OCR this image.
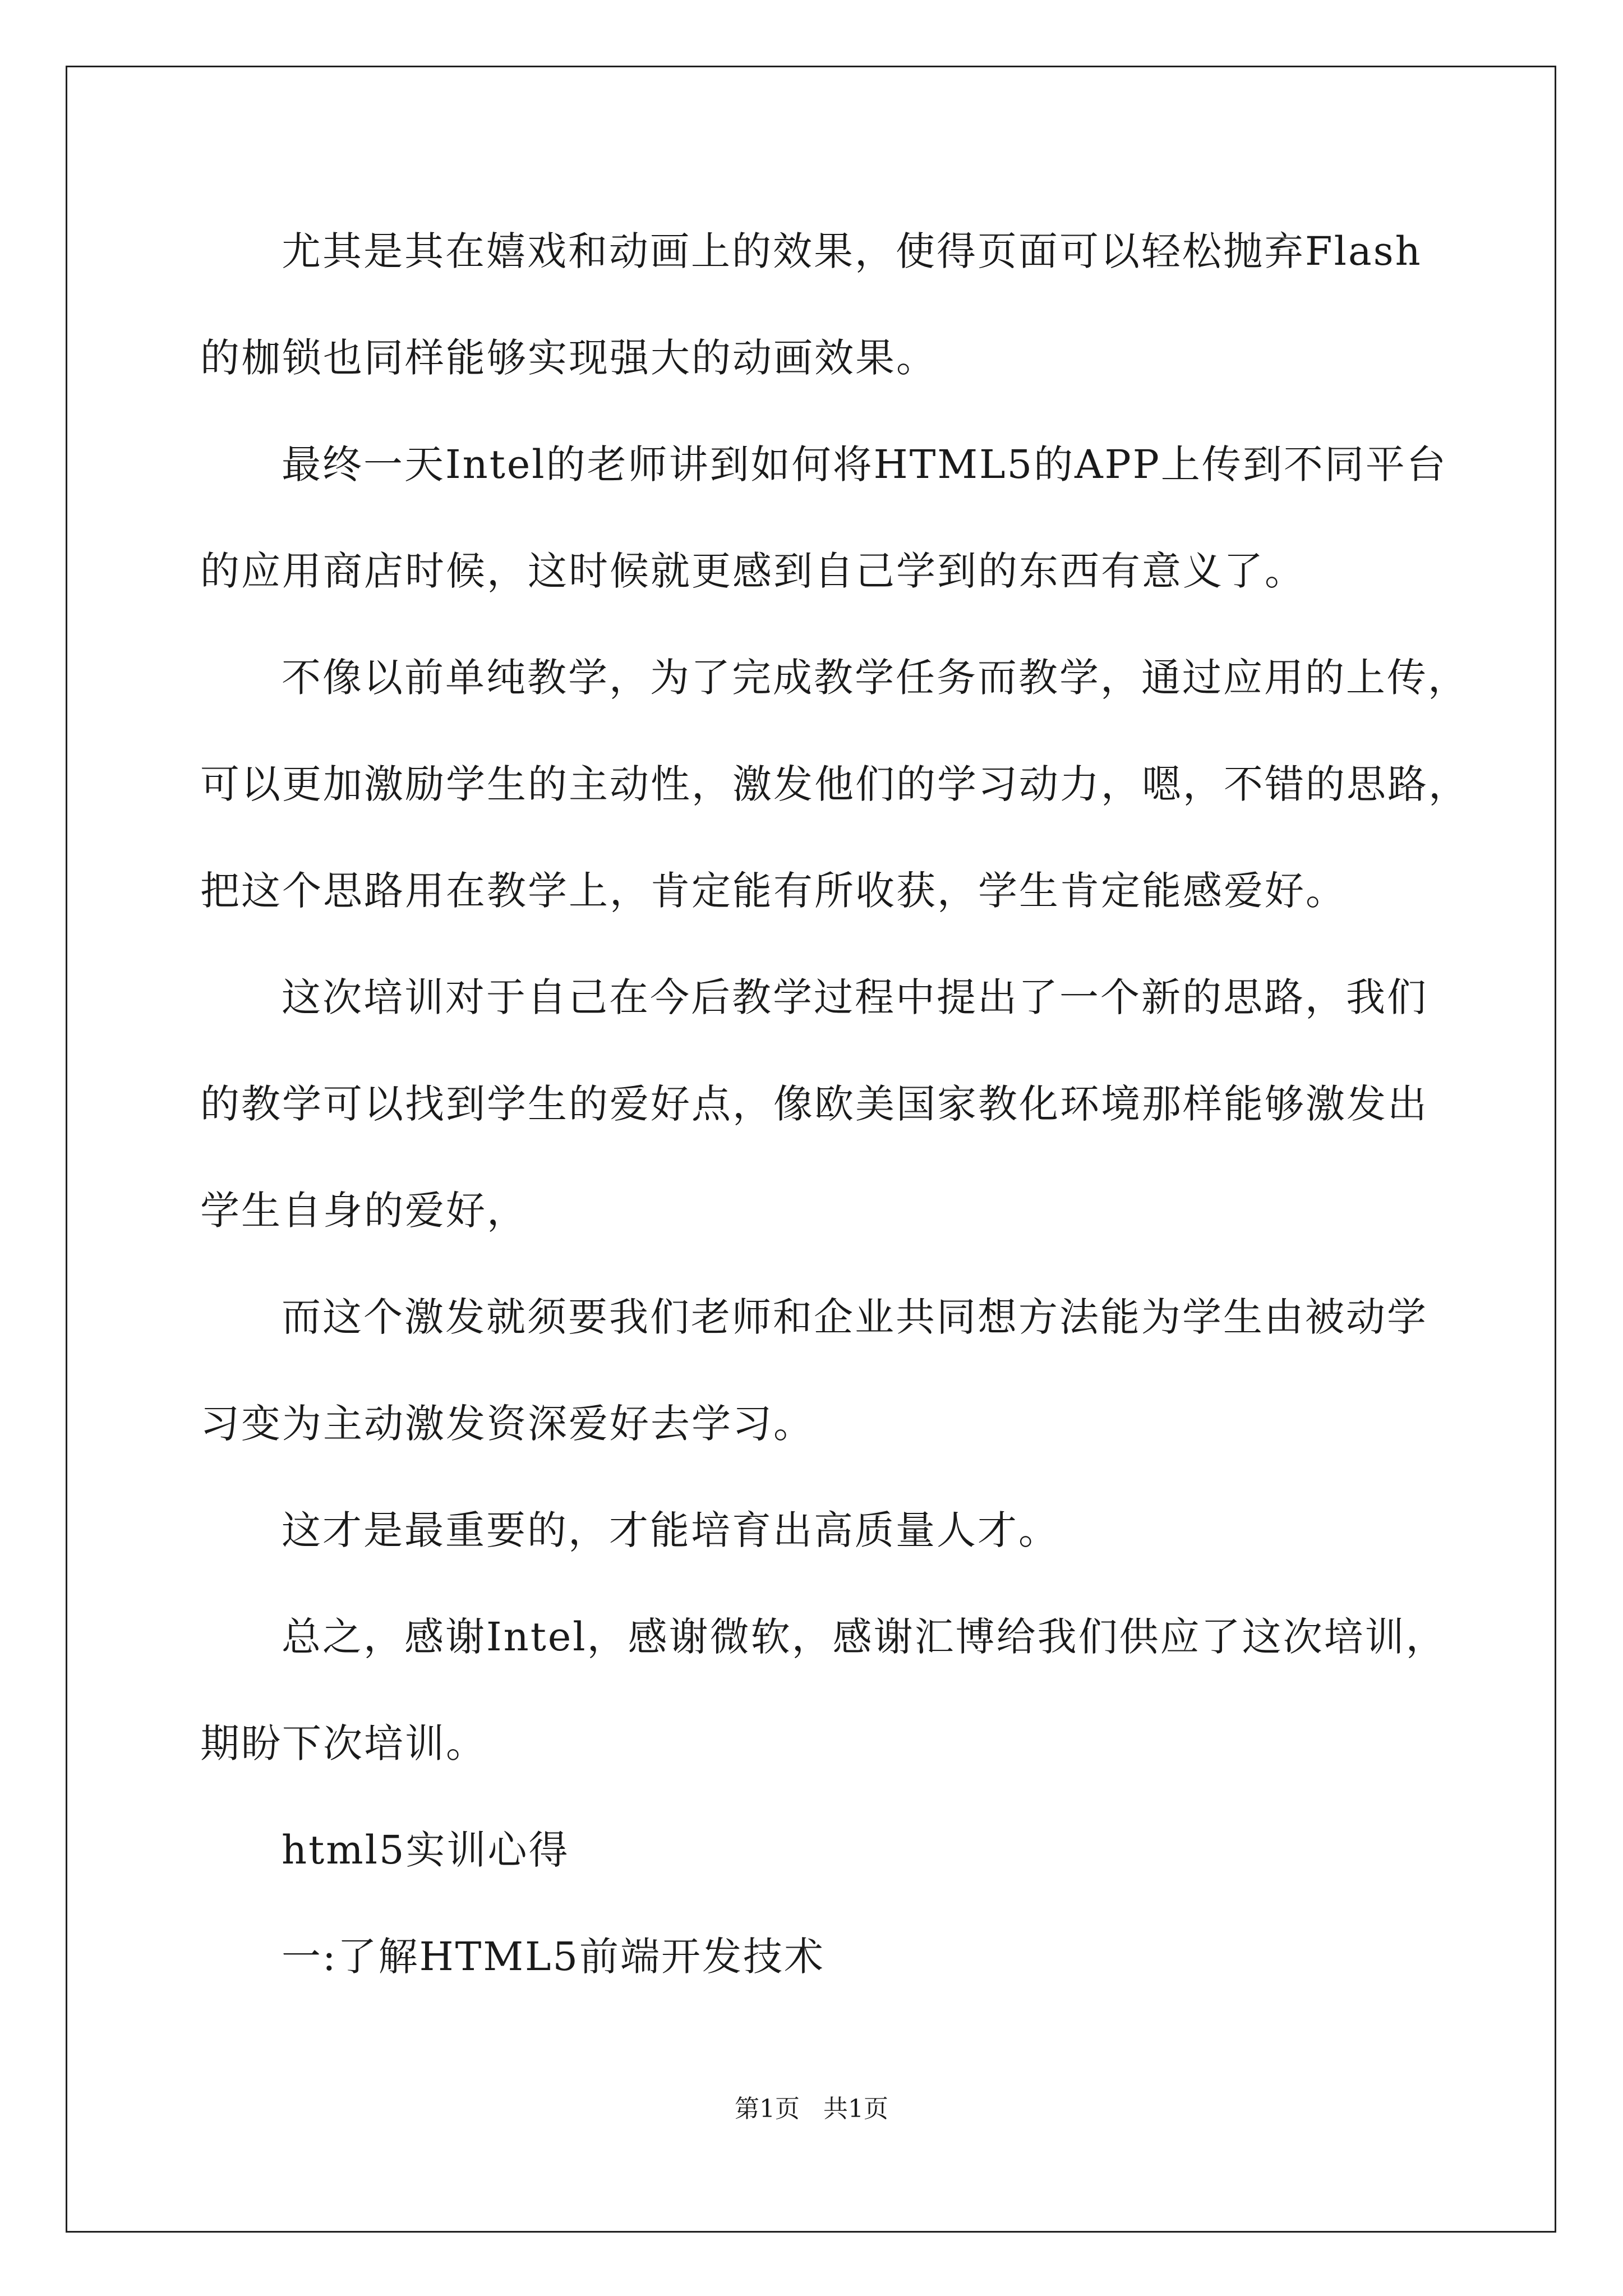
尤其是其在嬉戏和动画上的效果，使得页面可以轻松抛弃Flash
的枷锁也同样能够实现强大的动画效果。
最终一天Intel的老师讲到如何将HTML5的APP上传到不同平台
的应用商店时候，这时候就更感到自己学到的东西有意义了。
不像以前单纯教学，为了完成教学任务而教学，通过应用的上传，
可以更加激励学生的主动性，激发他们的学习动力，嗯，不错的思路，
把这个思路用在教学上，肯定能有所收获，学生肯定能感爱好。
这次培训对于自己在今后教学过程中提出了一个新的思路，我们
的教学可以找到学生的爱好点，像欧美国家教化环境那样能够激发出
学生自身的爱好，
而这个激发就须要我们老师和企业共同想方法能为学生由被动学
习变为主动激发资深爱好去学习。
这才是最重要的，才能培育出高质量人才。
总之，感谢Intel，感谢微软，感谢汇博给我们供应了这次培训，
期盼下次培训。
html5实训心得
一:了解HTML5前端开发技术
第1页   共1页
